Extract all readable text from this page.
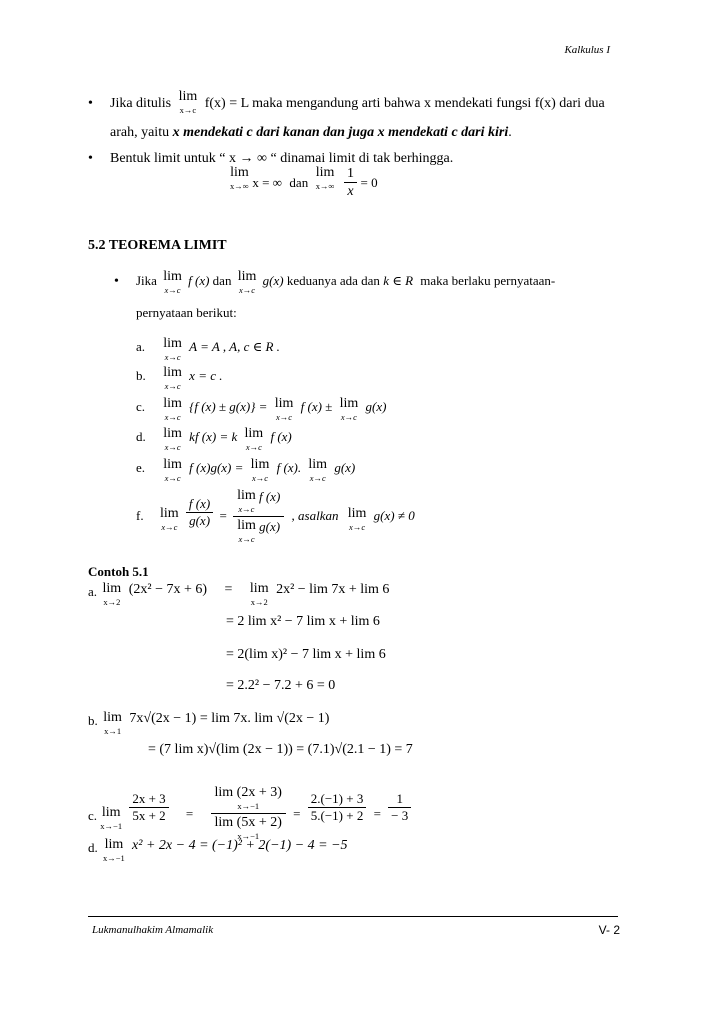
Kalkulus I
• Jika ditulis lim
x→c f(x) = L maka mengandung arti bahwa x mendekati fungsi f(x) dari dua
arah, yaitu x mendekati c dari kanan dan juga x mendekati c dari kiri.
• Bentuk limit untuk “ x → ∞ “ dinamai limit di tak berhingga.
lim
x→∞ x = ∞ dan
lim
x→∞
$\frac{1}{x} = 0$
5.2 TEOREMA LIMIT
• Jika lim
x→c
f (x) dan lim
x→c
g(x) keduanya ada dan k ∈ R maka berlaku pernyataan-
pernyataan berikut:
a. lim
x→c
A = A , A, c ∈ R .
b. lim
x→c
x = c .
c. lim
x→c
{f (x) ± g(x)} = lim
x→c
f (x) ± lim
x→c
g(x)
d. lim
x→c
kf (x) = k lim
x→c
f (x)
e. lim
x→c
f (x)g(x) = lim
x→c
f (x). lim
x→c
g(x)
f. lim
x→c
$\frac{f (x)}{g(x)} = \lim$
x→c
f (x)
lim
x→c
g(x) , asalkan lim
x→c
g(x) ≠ 0
Contoh 5.1
a. lim
x→2
(2x² − 7x + 6) = lim
x→2
2x² − lim 7x + lim 6
= 2 lim x² − 7 lim x + lim 6
= 2(lim x)² − 7 lim x + lim 6
= 2.2² − 7.2 + 6 = 0
b. lim
x→1
7x√(2x − 1) = lim 7x. lim √(2x − 1)
= (7 lim x)√(lim (2x − 1)) = (7.1)√(2.1 − 1) = 7
c. lim
x→−1

$\frac{2x + 3}{5x + 2} = \lim (2x + 3)$
x→−1
lim (5x + 2)
$x\to-1 = \frac{2.(-1) + 3}{5.(-1) + 2} = \frac{1}{- 3}$
d. lim
x→−1
x² + 2x − 4 = (−1)² + 2(−1) − 4 = −5
Lukmanulhakim Almamalik	V- 2
